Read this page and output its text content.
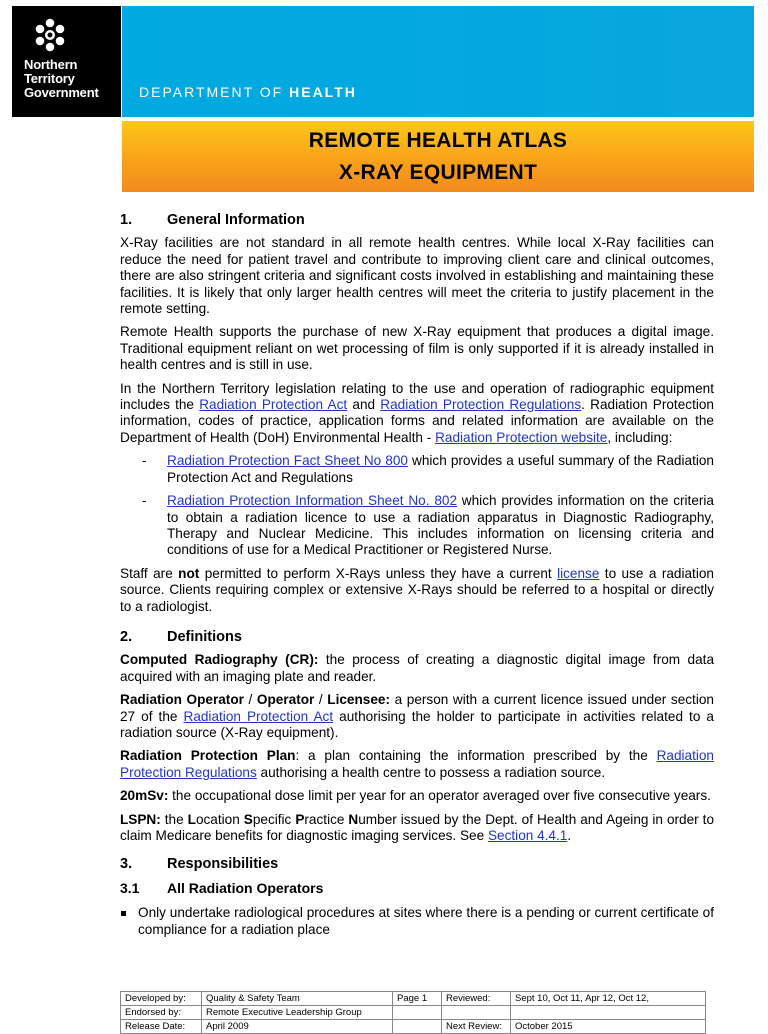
Northern
Territory
Government	DEPARTMENT OF HEALTH
REMOTE HEALTH ATLAS
X-RAY EQUIPMENT
1. General Information

X-Ray facilities are not standard in all remote health centres. While local X-Ray facilities can reduce the need for patient travel and contribute to improving client care and clinical outcomes, there are also stringent criteria and significant costs involved in establishing and maintaining these facilities. It is likely that only larger health centres will meet the criteria to justify placement in the remote setting.

Remote Health supports the purchase of new X-Ray equipment that produces a digital image. Traditional equipment reliant on wet processing of film is only supported if it is already installed in health centres and is still in use.

In the Northern Territory legislation relating to the use and operation of radiographic equipment includes the Radiation Protection Act and Radiation Protection Regulations. Radiation Protection information, codes of practice, application forms and related information are available on the Department of Health (DoH) Environmental Health - Radiation Protection website, including:

- Radiation Protection Fact Sheet No 800 which provides a useful summary of the Radiation Protection Act and Regulations
- Radiation Protection Information Sheet No. 802 which provides information on the criteria to obtain a radiation licence to use a radiation apparatus in Diagnostic Radiography, Therapy and Nuclear Medicine. This includes information on licensing criteria and conditions of use for a Medical Practitioner or Registered Nurse.

Staff are not permitted to perform X-Rays unless they have a current license to use a radiation source. Clients requiring complex or extensive X-Rays should be referred to a hospital or directly to a radiologist.

2. Definitions

Computed Radiography (CR): the process of creating a diagnostic digital image from data acquired with an imaging plate and reader.

Radiation Operator / Operator / Licensee: a person with a current licence issued under section 27 of the Radiation Protection Act authorising the holder to participate in activities related to a radiation source (X-Ray equipment).

Radiation Protection Plan: a plan containing the information prescribed by the Radiation Protection Regulations authorising a health centre to possess a radiation source.

20mSv: the occupational dose limit per year for an operator averaged over five consecutive years.

LSPN: the Location Specific Practice Number issued by the Dept. of Health and Ageing in order to claim Medicare benefits for diagnostic imaging services. See Section 4.4.1.

3. Responsibilities
3.1 All Radiation Operators
Only undertake radiological procedures at sites where there is a pending or current certificate of compliance for a radiation place
Developed by:	Quality & Safety Team	Page 1	Reviewed:	Sept 10, Oct 11, Apr 12, Oct 12,
Endorsed by:	Remote Executive Leadership Group			
Release Date:	April 2009		Next Review:	October 2015
